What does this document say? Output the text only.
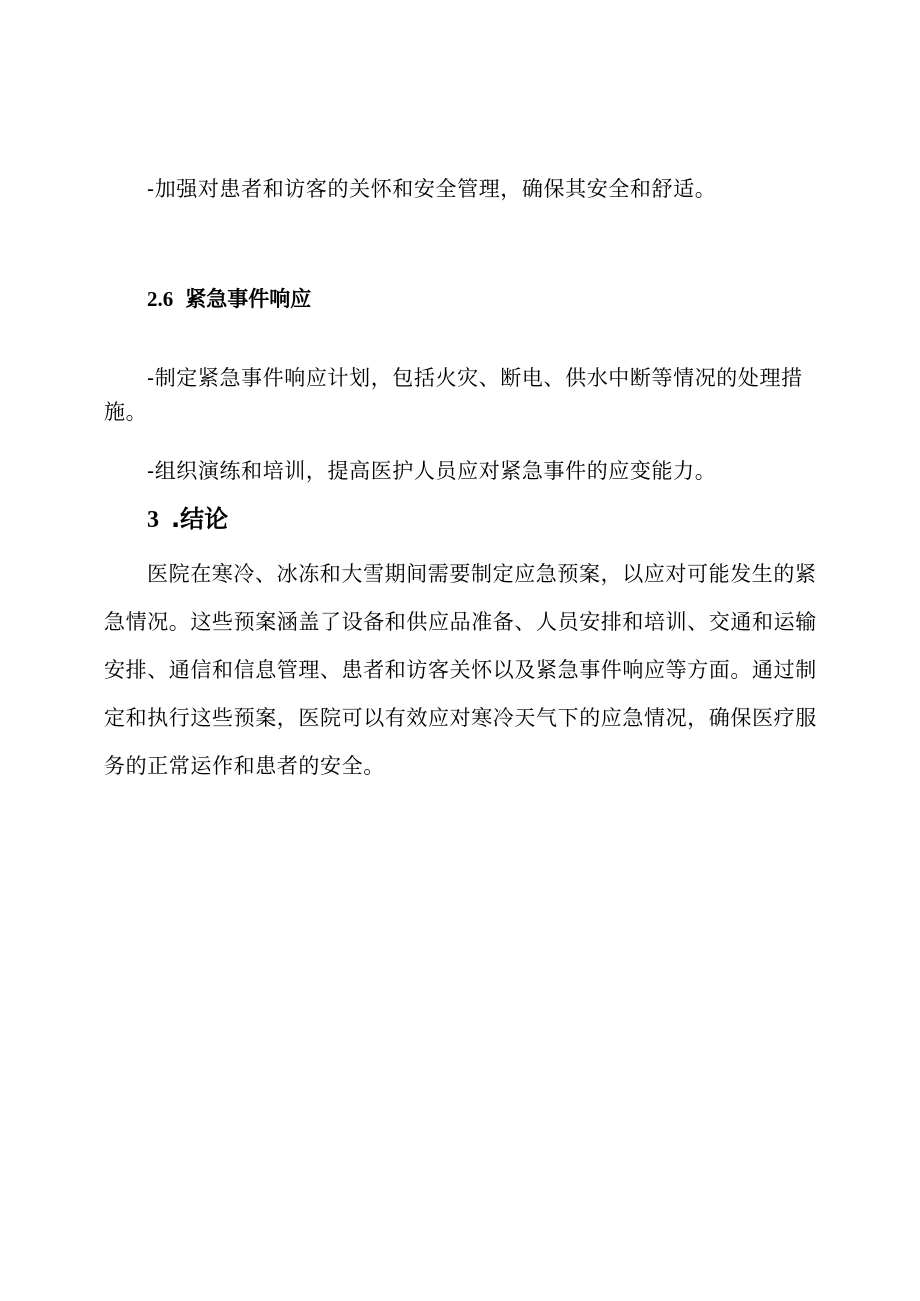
-加强对患者和访客的关怀和安全管理，确保其安全和舒适。

2.6 紧急事件响应

-制定紧急事件响应计划，包括火灾、断电、供水中断等情况的处理措施。

-组织演练和培训，提高医护人员应对紧急事件的应变能力。

3 .结论

医院在寒冷、冰冻和大雪期间需要制定应急预案，以应对可能发生的紧急情况。这些预案涵盖了设备和供应品准备、人员安排和培训、交通和运输安排、通信和信息管理、患者和访客关怀以及紧急事件响应等方面。通过制定和执行这些预案，医院可以有效应对寒冷天气下的应急情况，确保医疗服务的正常运作和患者的安全。
